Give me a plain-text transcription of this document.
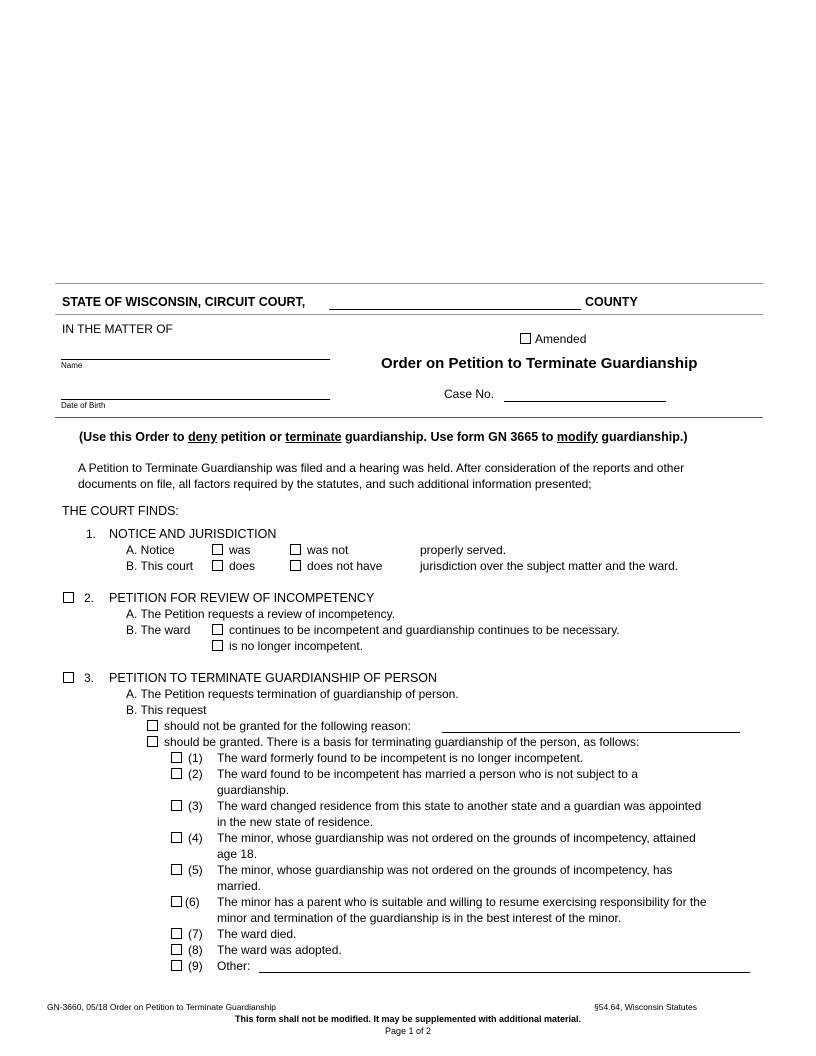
STATE OF WISCONSIN, CIRCUIT COURT,	COUNTY
IN THE MATTER OF
Name
Date of Birth
Amended
Order on Petition to Terminate Guardianship
Case No.
(Use this Order to deny petition or terminate guardianship. Use form GN 3665 to modify guardianship.)
A Petition to Terminate Guardianship was filed and a hearing was held. After consideration of the reports and other
documents on file, all factors required by the statutes, and such additional information presented;
THE COURT FINDS:
1. NOTICE AND JURISDICTION
A. Notice	was	was not	properly served.
B. This court	does	does not have	jurisdiction over the subject matter and the ward.
2. PETITION FOR REVIEW OF INCOMPETENCY
A. The Petition requests a review of incompetency.
B. The ward	continues to be incompetent and guardianship continues to be necessary.
is no longer incompetent.
3. PETITION TO TERMINATE GUARDIANSHIP OF PERSON
A. The Petition requests termination of guardianship of person.
B. This request
should not be granted for the following reason:
should be granted. There is a basis for terminating guardianship of the person, as follows:
(1) The ward formerly found to be incompetent is no longer incompetent.
(2) The ward found to be incompetent has married a person who is not subject to a
guardianship.
(3) The ward changed residence from this state to another state and a guardian was appointed
in the new state of residence.
(4) The minor, whose guardianship was not ordered on the grounds of incompetency, attained
age 18.
(5) The minor, whose guardianship was not ordered on the grounds of incompetency, has
married.
(6) The minor has a parent who is suitable and willing to resume exercising responsibility for the
minor and termination of the guardianship is in the best interest of the minor.
(7) The ward died.
(8) The ward was adopted.
(9) Other:
GN-3660, 05/18 Order on Petition to Terminate Guardianship	§54.64, Wisconsin Statutes
This form shall not be modified. It may be supplemented with additional material.
Page 1 of 2
